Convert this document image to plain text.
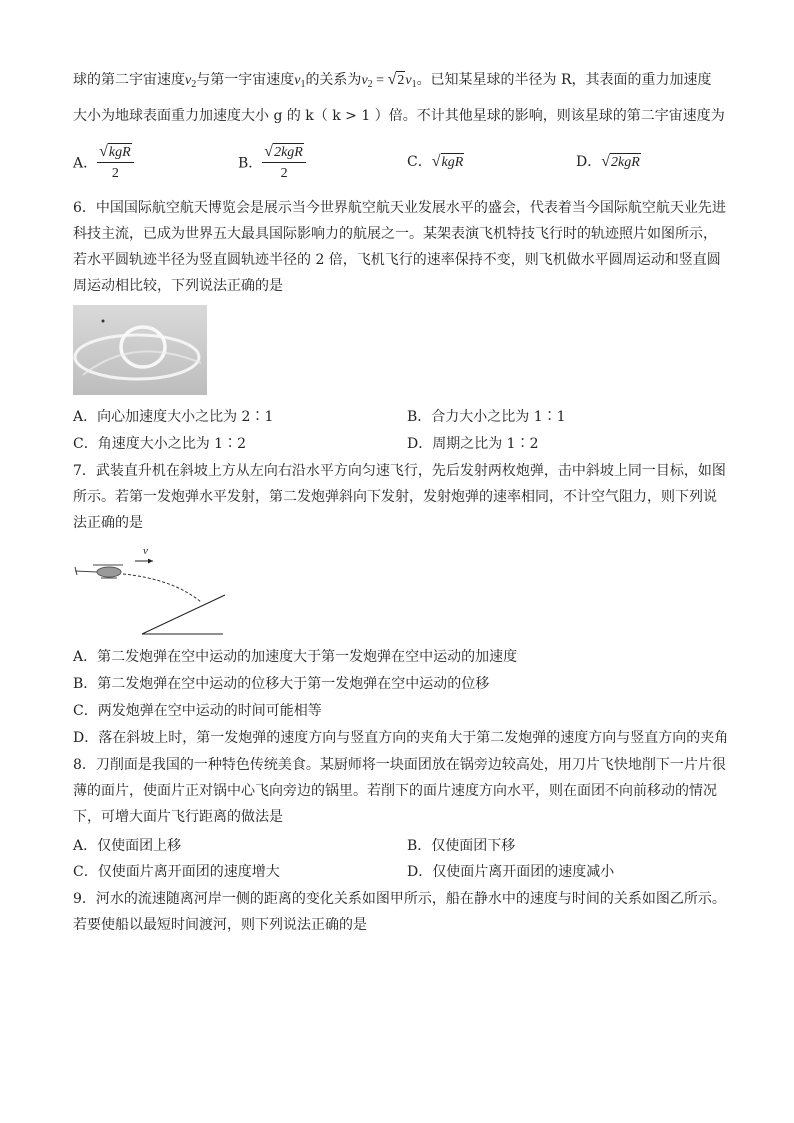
球的第二宇宙速度$v_2$与第一宇宙速度$v_1$的关系为$v_2$ = √ 2 $v_1$。已知某星球的半径为 R，其表面的重力加速度
大小为地球表面重力加速度大小 g 的 k（ k > 1 ）倍。不计其他星球的影响，则该星球的第二宇宙速度为
A． $\frac{\text{√ kgR}}{2}$	B． $\frac{\text{√ 2kgR}}{2}$	C． √ kgR	D． √ 2kgR
6．中国国际航空航天博览会是展示当今世界航空航天业发展水平的盛会，代表着当今国际航空航天业先进
科技主流，已成为世界五大最具国际影响力的航展之一。某架表演飞机特技飞行时的轨迹照片如图所示，
若水平圆轨迹半径为竖直圆轨迹半径的 2 倍，飞机飞行的速率保持不变，则飞机做水平圆周运动和竖直圆
周运动相比较，下列说法正确的是
A．向心加速度大小之比为 2∶1	B．合力大小之比为 1∶1
C．角速度大小之比为 1∶2	D．周期之比为 1∶2
7．武装直升机在斜坡上方从左向右沿水平方向匀速飞行，先后发射两枚炮弹，击中斜坡上同一目标，如图
所示。若第一发炮弹水平发射，第二发炮弹斜向下发射，发射炮弹的速率相同，不计空气阻力，则下列说
法正确的是
v
A．第二发炮弹在空中运动的加速度大于第一发炮弹在空中运动的加速度
B．第二发炮弹在空中运动的位移大于第一发炮弹在空中运动的位移
C．两发炮弹在空中运动的时间可能相等
D．落在斜坡上时，第一发炮弹的速度方向与竖直方向的夹角大于第二发炮弹的速度方向与竖直方向的夹角
8．刀削面是我国的一种特色传统美食。某厨师将一块面团放在锅旁边较高处，用刀片飞快地削下一片片很
薄的面片，使面片正对锅中心飞向旁边的锅里。若削下的面片速度方向水平，则在面团不向前移动的情况
下，可增大面片飞行距离的做法是
A．仅使面团上移	B．仅使面团下移
C．仅使面片离开面团的速度增大	D．仅使面片离开面团的速度减小
9．河水的流速随离河岸一侧的距离的变化关系如图甲所示，船在静水中的速度与时间的关系如图乙所示。
若要使船以最短时间渡河，则下列说法正确的是
